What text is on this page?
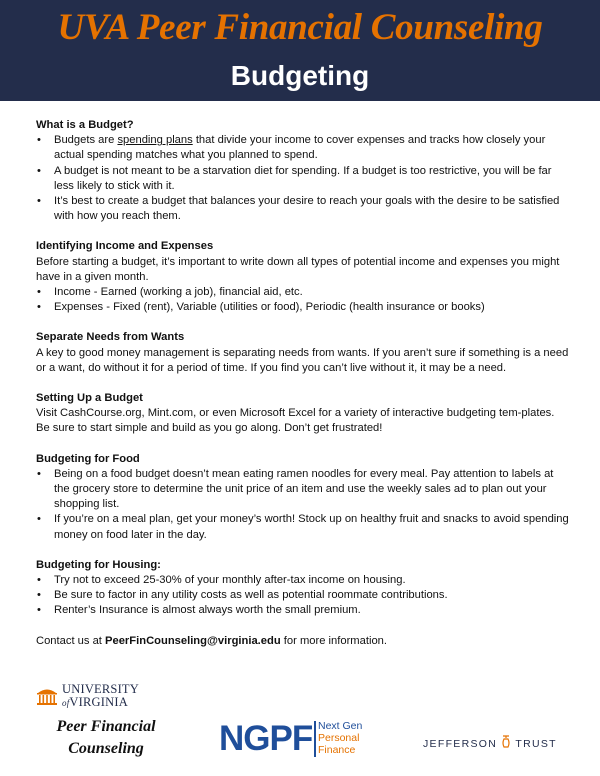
UVA Peer Financial Counseling
Budgeting
What is a Budget?
• Budgets are spending plans that divide your income to cover expenses and tracks how closely your actual spending matches what you planned to spend.
• A budget is not meant to be a starvation diet for spending. If a budget is too restrictive, you will be far less likely to stick with it.
• It’s best to create a budget that balances your desire to reach your goals with the desire to be satisfied with how you reach them.
Identifying Income and Expenses

Before starting a budget, it’s important to write down all types of potential income and expenses you might have in a given month.

• Income - Earned (working a job), financial aid, etc.
• Expenses - Fixed (rent), Variable (utilities or food), Periodic (health insurance or books)
Separate Needs from Wants

A key to good money management is separating needs from wants. If you aren’t sure if something is a need or a want, do without it for a period of time. If you find you can’t live without it, it may be a need.

Setting Up a Budget

Visit CashCourse.org, Mint.com, or even Microsoft Excel for a variety of interactive budgeting tem-plates. Be sure to start simple and build as you go along. Don’t get frustrated!

Budgeting for Food
• Being on a food budget doesn’t mean eating ramen noodles for every meal. Pay attention to labels at the grocery store to determine the unit price of an item and use the weekly sales ad to plan out your shopping list.
• If you’re on a meal plan, get your money’s worth! Stock up on healthy fruit and snacks to avoid spending money on food later in the day.
Budgeting for Housing:
• Try not to exceed 25-30% of your monthly after-tax income on housing.
• Be sure to factor in any utility costs as well as potential roommate contributions.
• Renter’s Insurance is almost always worth the small premium.

Contact us at PeerFinCounseling@virginia.edu for more information.

UNIVERSITY
ofVIRGINIA
Peer Financial
Counseling	NGPF Next Gen
Personal
Finance	JEFFERSON TRUST
